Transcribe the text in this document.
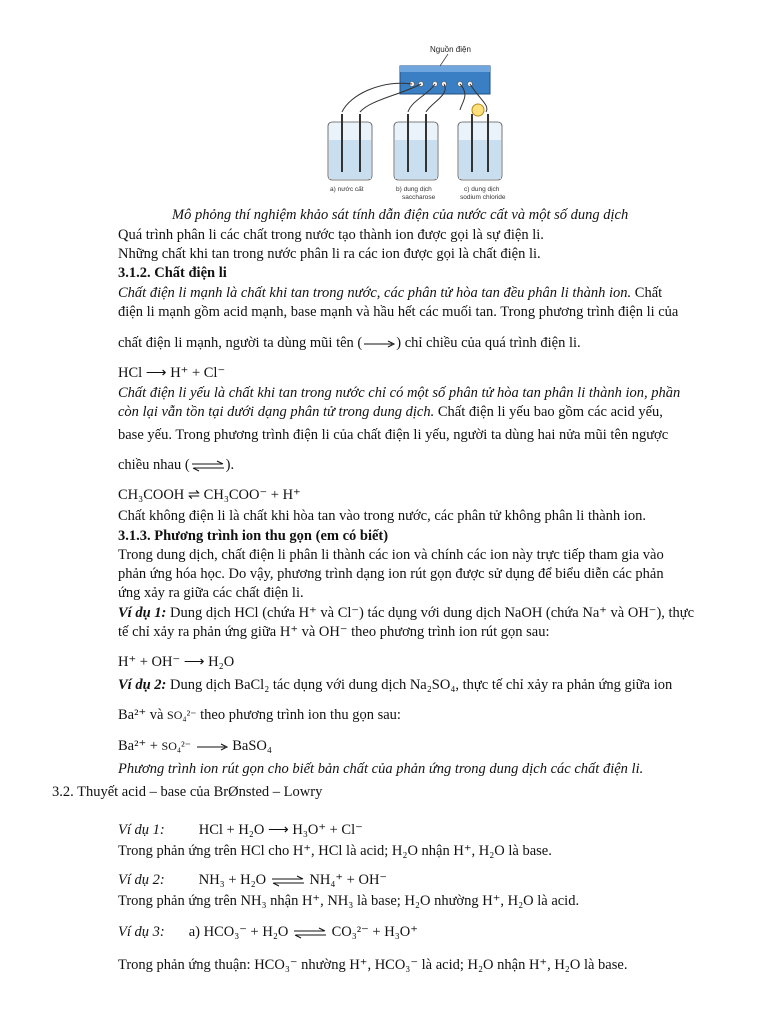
Nguồn điện
a) nước cất	b) dung dịch
saccharose
c) dung dịch
sodium chloride
Mô phỏng thí nghiệm khảo sát tính dẫn điện của nước cất và một số dung dịch
Quá trình phân li các chất trong nước tạo thành ion được gọi là sự điện li.
Những chất khi tan trong nước phân li ra các ion được gọi là chất điện li.
3.1.2. Chất điện li
Chất điện li mạnh là chất khi tan trong nước, các phân tử hòa tan đều phân li thành ion. Chất
điện li mạnh gồm acid mạnh, base mạnh và hầu hết các muối tan. Trong phương trình điện li của
chất điện li mạnh, người ta dùng mũi tên ( ) chỉ chiều của quá trình điện li.
HCl ⟶ H⁺ + Cl⁻
Chất điện li yếu là chất khi tan trong nước chỉ có một số phân tử hòa tan phân li thành ion, phần
còn lại vẫn tồn tại dưới dạng phân tử trong dung dịch. Chất điện li yếu bao gồm các acid yếu,
base yếu. Trong phương trình điện li của chất điện li yếu, người ta dùng hai nửa mũi tên ngược
chiều nhau (⇌).
CH₃COOH ⇌ CH₃COO⁻ + H⁺
Chất không điện li là chất khi hòa tan vào trong nước, các phân tử không phân li thành ion.
3.1.3. Phương trình ion thu gọn (em có biết)
Trong dung dịch, chất điện li phân li thành các ion và chính các ion này trực tiếp tham gia vào
phản ứng hóa học. Do vậy, phương trình dạng ion rút gọn được sử dụng để biểu diễn các phản
ứng xảy ra giữa các chất điện li.
Ví dụ 1: Dung dịch HCl (chứa H⁺ và Cl⁻) tác dụng với dung dịch NaOH (chứa Na⁺ và OH⁻), thực
tế chỉ xảy ra phản ứng giữa H⁺ và OH⁻ theo phương trình ion rút gọn sau:
H⁺ + OH⁻ ⟶ H₂O
Ví dụ 2: Dung dịch BaCl₂ tác dụng với dung dịch Na₂SO₄, thực tế chỉ xảy ra phản ứng giữa ion
Ba²⁺ và SO₄²⁻ theo phương trình ion thu gọn sau:
Ba²⁺ + SO₄²⁻	BaSO₄
Phương trình ion rút gọn cho biết bản chất của phản ứng trong dung dịch các chất điện li.
3.2. Thuyết acid – base của BrØnsted – Lowry
Ví dụ 1: HCl + H₂O ⟶ H₃O⁺ + Cl⁻
Trong phản ứng trên HCl cho H⁺, HCl là acid; H₂O nhận H⁺, H₂O là base.
Ví dụ 2: NH₃ + H₂O ⇌ NH₄⁺ + OH⁻
Trong phản ứng trên NH₃ nhận H⁺, NH₃ là base; H₂O nhường H⁺, H₂O là acid.
Ví dụ 3: a) HCO₃⁻ + H₂O ⇌ CO₃²⁻ + H₃O⁺
Trong phản ứng thuận: HCO₃⁻ nhường H⁺, HCO₃⁻ là acid; H₂O nhận H⁺, H₂O là base.
